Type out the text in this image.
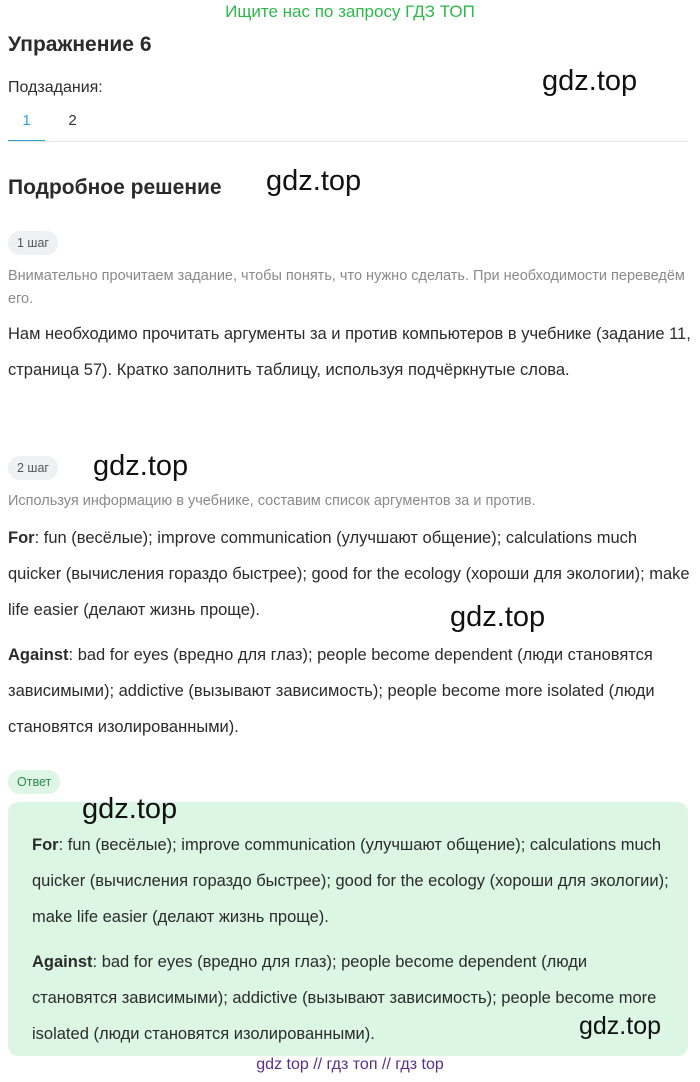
Ищите нас по запросу ГДЗ ТОП
Упражнение 6
Подзадания:	gdz.top
1	2
Подробное решение gdz.top
1 шаг
Внимательно прочитаем задание, чтобы понять, что нужно сделать. При необходимости переведём его.
Нам необходимо прочитать аргументы за и против компьютеров в учебнике (задание 11, страница 57). Кратко заполнить таблицу, используя подчёркнутые слова.
2 шаг	gdz.top
Используя информацию в учебнике, составим список аргументов за и против.
For: fun (весёлые); improve communication (улучшают общение); calculations much quicker (вычисления гораздо быстрее); good for the ecology (хороши для экологии); make life easier (делают жизнь проще).	gdz.top
Against: bad for eyes (вредно для глаз); people become dependent (люди становятся зависимыми); addictive (вызывают зависимость); people become more isolated (люди становятся изолированными).
Ответ
For: fun (весёлые); improve communication (улучшают общение); calculations much quicker (вычисления гораздо быстрее); good for the ecology (хороши для экологии); make life easier (делают жизнь проще).
Against: bad for eyes (вредно для глаз); people become dependent (люди становятся зависимыми); addictive (вызывают зависимость); people become more isolated (люди становятся изолированными).
gdz.top
gdz.top
gdz top // гдз топ // гдз top
